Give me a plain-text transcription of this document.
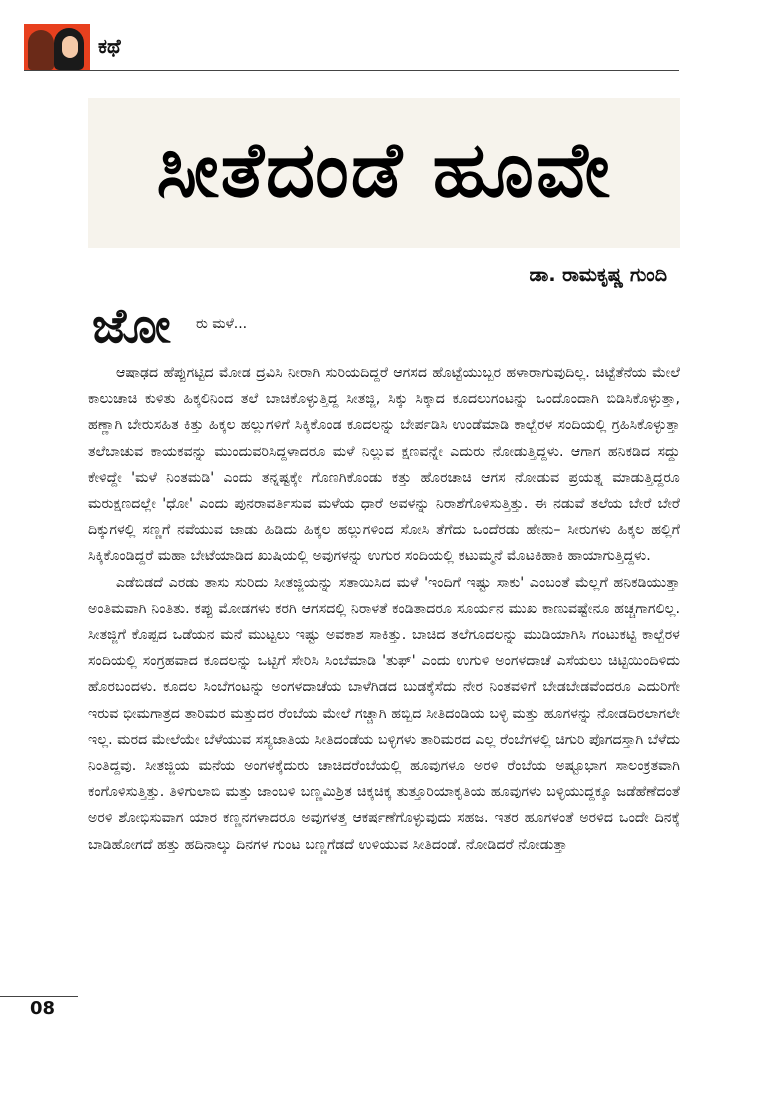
ಕಥೆ
ಸೀತೆದಂಡೆ ಹೂವೇ
ಡಾ. ರಾಮಕೃಷ್ಣ ಗುಂದಿ
ಜೋ ರು ಮಳೆ...

ಆಷಾಢದ ಹೆಪ್ಪುಗಟ್ಟಿದ ಮೋಡ ದ್ರವಿಸಿ ನೀರಾಗಿ ಸುರಿಯದಿದ್ದರೆ ಆಗಸದ ಹೊಟ್ಟೆಯುಬ್ಬರ ಹಳಾರಾಗುವುದಿಲ್ಲ. ಚಿಟ್ಟೆತೆನೆಯ ಮೇಲೆ ಕಾಲುಚಾಚಿ ಕುಳಿತು ಹಿಕ್ಕಲಿನಿಂದ ತಲೆ ಬಾಚಿಕೊಳ್ಳುತ್ತಿದ್ದ ಸೀತಜ್ಜಿ, ಸಿಕ್ಕು ಸಿಕ್ಕಾದ ಕೂದಲುಗಂಟನ್ನು ಒಂದೊಂದಾಗಿ ಬಿಡಿಸಿಕೊಳ್ಳುತ್ತಾ, ಹಣ್ಣಾಗಿ ಬೇರುಸಹಿತ ಕಿತ್ತು ಹಿಕ್ಕಲ ಹಲ್ಲುಗಳಿಗೆ ಸಿಕ್ಕಿಕೊಂಡ ಕೂದಲನ್ನು ಬೇರ್ಪಡಿಸಿ ಉಂಡೆಮಾಡಿ ಕಾಲ್ಬೆರಳ ಸಂದಿಯಲ್ಲಿ ಗ್ರಹಿಸಿಕೊಳ್ಳುತ್ತಾ ತಲೆಬಾಚುವ ಕಾಯಕವನ್ನು ಮುಂದುವರಿಸಿದ್ದಳಾದರೂ ಮಳೆ ನಿಲ್ಲುವ ಕ್ಷಣವನ್ನೇ ಎದುರು ನೋಡುತ್ತಿದ್ದಳು. ಆಗಾಗ ಹನಿಕಡಿದ ಸದ್ದು ಕೇಳಿದ್ದೇ 'ಮಳೆ ನಿಂತಮಡಿ' ಎಂದು ತನ್ನಷ್ಟಕ್ಕೇ ಗೊಣಗಿಕೊಂಡು ಕತ್ತು ಹೊರಚಾಚಿ ಆಗಸ ನೋಡುವ ಪ್ರಯತ್ನ ಮಾಡುತ್ತಿದ್ದರೂ ಮರುಕ್ಷಣದಲ್ಲೇ 'ಧೋ' ಎಂದು ಪುನರಾವರ್ತಿಸುವ ಮಳೆಯ ಧಾರೆ ಅವಳನ್ನು ನಿರಾಶೆಗೊಳಿಸುತ್ತಿತ್ತು. ಈ ನಡುವೆ ತಲೆಯ ಬೇರೆ ಬೇರೆ ದಿಕ್ಕುಗಳಲ್ಲಿ ಸಣ್ಣಗೆ ನವೆಯುವ ಜಾಡು ಹಿಡಿದು ಹಿಕ್ಕಲ ಹಲ್ಲುಗಳಿಂದ ಸೋಸಿ ತೆಗೆದು ಒಂದೆರಡು ಹೇನು– ಸೀರುಗಳು ಹಿಕ್ಕಲ ಹಲ್ಲಿಗೆ ಸಿಕ್ಕಿಕೊಂಡಿದ್ದರೆ ಮಹಾ ಬೇಟೆಯಾಡಿದ ಖುಷಿಯಲ್ಲಿ ಅವುಗಳನ್ನು ಉಗುರ ಸಂದಿಯಲ್ಲಿ ಕಟುಮ್ಮನೆ ಮೊಟಕಿಹಾಕಿ ಹಾಯಾಗುತ್ತಿದ್ದಳು.

ಎಡೆಬಿಡದೆ ಎರಡು ತಾಸು ಸುರಿದು ಸೀತಜ್ಜಿಯನ್ನು ಸತಾಯಿಸಿದ ಮಳೆ 'ಇಂದಿಗೆ ಇಷ್ಟು ಸಾಕು' ಎಂಬಂತೆ ಮೆಲ್ಲಗೆ ಹನಿಕಡಿಯುತ್ತಾ ಅಂತಿಮವಾಗಿ ನಿಂತಿತು. ಕಪ್ಪು ಮೋಡಗಳು ಕರಗಿ ಆಗಸದಲ್ಲಿ ನಿರಾಳತೆ ಕಂಡಿತಾದರೂ ಸೂರ್ಯನ ಮುಖ ಕಾಣುವಷ್ಟೇನೂ ಹಚ್ಚಗಾಗಲಿಲ್ಲ. ಸೀತಜ್ಜಿಗೆ ಕೊಪ್ಪದ ಒಡೆಯನ ಮನೆ ಮುಟ್ಟಲು ಇಷ್ಟು ಅವಕಾಶ ಸಾಕಿತ್ತು. ಬಾಚಿದ ತಲೆಗೂದಲನ್ನು ಮುಡಿಯಾಗಿಸಿ ಗಂಟುಕಟ್ಟಿ ಕಾಲ್ಬೆರಳ ಸಂದಿಯಲ್ಲಿ ಸಂಗ್ರಹವಾದ ಕೂದಲನ್ನು ಒಟ್ಟಿಗೆ ಸೇರಿಸಿ ಸಿಂಬೆಮಾಡಿ 'ತುಫ್' ಎಂದು ಉಗುಳಿ ಅಂಗಳದಾಚೆ ಎಸೆಯಲು ಚಿಟ್ಟಿಯಿಂದಿಳಿದು ಹೊರಬಂದಳು. ಕೂದಲ ಸಿಂಬೆಗಂಟನ್ನು ಅಂಗಳದಾಚೆಯ ಬಾಳೆಗಿಡದ ಬುಡಕ್ಕೆಸೆದು ನೇರ ನಿಂತವಳಿಗೆ ಬೇಡಬೇಡವೆಂದರೂ ಎದುರಿಗೇ ಇರುವ ಭೀಮಗಾತ್ರದ ತಾರಿಮರ ಮತ್ತುದರ ರೆಂಬೆಯ ಮೇಲೆ ಗಚ್ಚಾಗಿ ಹಬ್ಬಿದ ಸೀತಿದಂಡಿಯ ಬಳ್ಳಿ ಮತ್ತು ಹೂಗಳನ್ನು ನೋಡದಿರಲಾಗಲೇ ಇಲ್ಲ. ಮರದ ಮೇಲೆಯೇ ಬೆಳೆಯುವ ಸಸ್ಯಜಾತಿಯ ಸೀತಿದಂಡೆಯ ಬಳ್ಳಿಗಳು ತಾರಿಮರದ ಎಲ್ಲ ರೆಂಬೆಗಳಲ್ಲಿ ಚಿಗುರಿ ಪೊಗದಸ್ತಾಗಿ ಬೆಳೆದು ನಿಂತಿದ್ದವು. ಸೀತಜ್ಜಿಯ ಮನೆಯ ಅಂಗಳಕ್ಕೆದುರು ಚಾಚಿದರೆಂಬೆಯಲ್ಲಿ ಹೂವುಗಳೂ ಅರಳಿ ರೆಂಬೆಯ ಅಷ್ಟೂಭಾಗ ಸಾಲಂಕ್ರತವಾಗಿ ಕಂಗೊಳಿಸುತ್ತಿತ್ತು. ತಿಳಿಗುಲಾಬಿ ಮತ್ತು ಜಾಂಬಳಿ ಬಣ್ಣಮಿಶ್ರಿತ ಚಿಕ್ಕಚಿಕ್ಕ ತುತ್ತೂರಿಯಾಕೃತಿಯ ಹೂವುಗಳು ಬಳ್ಳಿಯುದ್ದಕ್ಕೂ ಜಡೆಹೆಣೆದಂತೆ ಅರಳಿ ಶೋಭಿಸುವಾಗ ಯಾರ ಕಣ್ಣನಗಳಾದರೂ ಅವುಗಳತ್ತ ಆಕರ್ಷಣೆಗೊಳ್ಳುವುದು ಸಹಜ. ಇತರ ಹೂಗಳಂತೆ ಅರಳಿದ ಒಂದೇ ದಿನಕ್ಕೆ ಬಾಡಿಹೋಗದೆ ಹತ್ತು ಹದಿನಾಲ್ಕು ದಿನಗಳ ಗುಂಟ ಬಣ್ಣಗೆಡದೆ ಉಳಿಯುವ ಸೀತಿದಂಡೆ. ನೋಡಿದರೆ ನೋಡುತ್ತಾ

08
